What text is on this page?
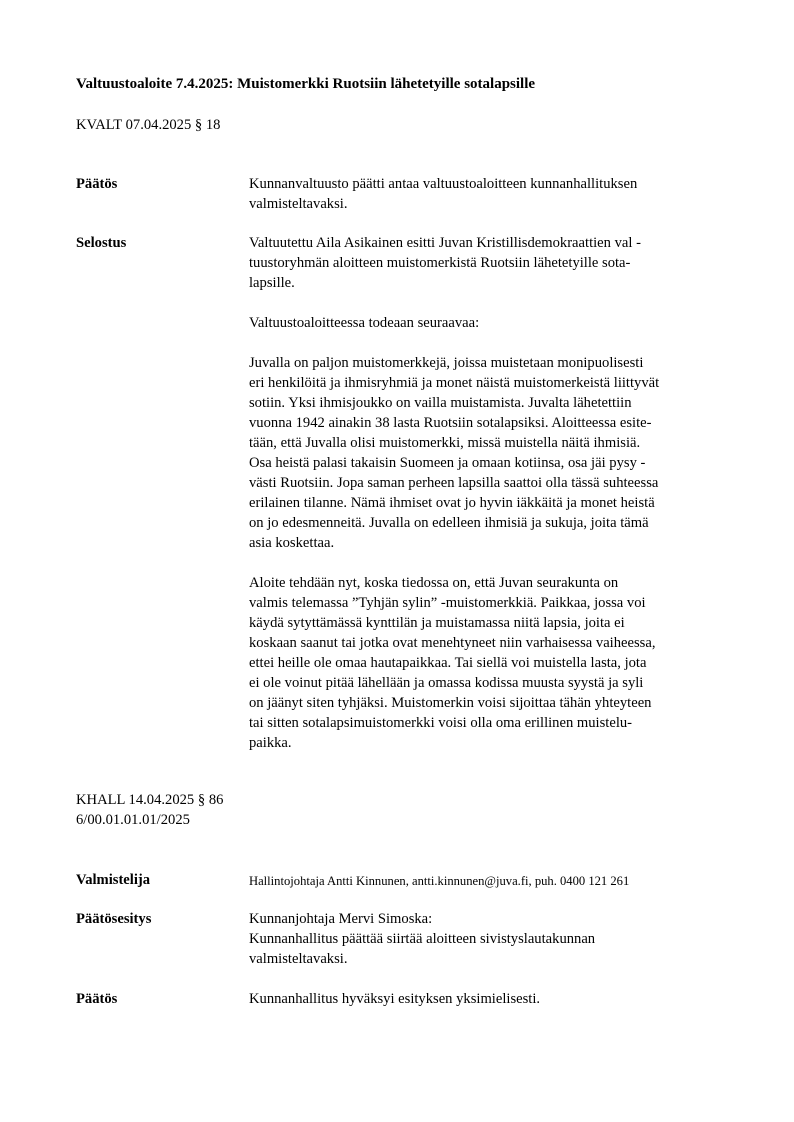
Valtuustoaloite 7.4.2025: Muistomerkki Ruotsiin lähetetyille sotalapsille
KVALT 07.04.2025 § 18
Päätös	Kunnanvaltuusto päätti antaa valtuustoaloitteen kunnanhallituksen
valmisteltavaksi.
Selostus	Valtuutettu Aila Asikainen esitti Juvan Kristillisdemokraattien val -
tuustoryhmän aloitteen muistomerkistä Ruotsiin lähetetyille sota-
lapsille.

Valtuustoaloitteessa todeaan seuraavaa:

Juvalla on paljon muistomerkkejä, joissa muistetaan monipuolisesti
eri henkilöitä ja ihmisryhmiä ja monet näistä muistomerkeistä liittyvät
sotiin. Yksi ihmisjoukko on vailla muistamista. Juvalta lähetettiin
vuonna 1942 ainakin 38 lasta Ruotsiin sotalapsiksi. Aloitteessa esite-
tään, että Juvalla olisi muistomerkki, missä muistella näitä ihmisiä.
Osa heistä palasi takaisin Suomeen ja omaan kotiinsa, osa jäi pysy -
västi Ruotsiin. Jopa saman perheen lapsilla saattoi olla tässä suhteessa
erilainen tilanne. Nämä ihmiset ovat jo hyvin iäkkäitä ja monet heistä
on jo edesmenneitä. Juvalla on edelleen ihmisiä ja sukuja, joita tämä
asia koskettaa.

Aloite tehdään nyt, koska tiedossa on, että Juvan seurakunta on
valmis telemassa ”Tyhjän sylin” -muistomerkkiä. Paikkaa, jossa voi
käydä sytyttämässä kynttilän ja muistamassa niitä lapsia, joita ei
koskaan saanut tai jotka ovat menehtyneet niin varhaisessa vaiheessa,
ettei heille ole omaa hautapaikkaa. Tai siellä voi muistella lasta, jota
ei ole voinut pitää lähellään ja omassa kodissa muusta syystä ja syli
on jäänyt siten tyhjäksi. Muistomerkin voisi sijoittaa tähän yhteyteen
tai sitten sotalapsimuistomerkki voisi olla oma erillinen muistelu-
paikka.

KHALL 14.04.2025 § 86
6/00.01.01.01/2025
Valmistelija	Hallintojohtaja Antti Kinnunen, antti.kinnunen@juva.fi, puh. 0400 121 261
Päätösesitys	Kunnanjohtaja Mervi Simoska:
Kunnanhallitus päättää siirtää aloitteen sivistyslautakunnan
valmisteltavaksi.
Päätös	Kunnanhallitus hyväksyi esityksen yksimielisesti.
